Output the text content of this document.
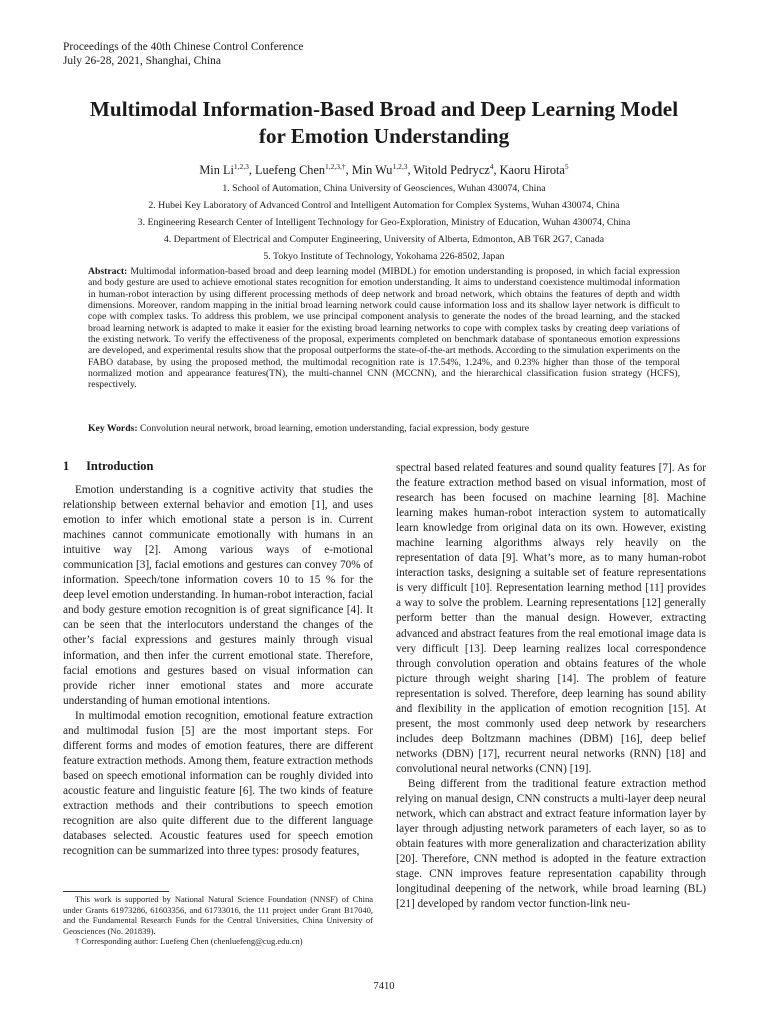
Proceedings of the 40th Chinese Control Conference
July 26-28, 2021, Shanghai, China
Multimodal Information-Based Broad and Deep Learning Model
for Emotion Understanding
Min Li$^{1,2,3}$, Luefeng Chen$^{1,2,3,\dagger}$, Min Wu$^{1,2,3}$, Witold Pedrycz$^4$, Kaoru Hirota$^5$
1. School of Automation, China University of Geosciences, Wuhan 430074, China
2. Hubei Key Laboratory of Advanced Control and Intelligent Automation for Complex Systems, Wuhan 430074, China
3. Engineering Research Center of Intelligent Technology for Geo-Exploration, Ministry of Education, Wuhan 430074, China
4. Department of Electrical and Computer Engineering, University of Alberta, Edmonton, AB T6R 2G7, Canada
5. Tokyo Institute of Technology, Yokohama 226-8502, Japan
Abstract: Multimodal information-based broad and deep learning model (MIBDL) for emotion understanding is proposed, in which facial expression and body gesture are used to achieve emotional states recognition for emotion understanding. It aims to understand coexistence multimodal information in human-robot interaction by using different processing methods of deep network and broad network, which obtains the features of depth and width dimensions. Moreover, random mapping in the initial broad learning network could cause information loss and its shallow layer network is difficult to cope with complex tasks. To address this problem, we use principal component analysis to generate the nodes of the broad learning, and the stacked broad learning network is adapted to make it easier for the existing broad learning networks to cope with complex tasks by creating deep variations of the existing network. To verify the effectiveness of the proposal, experiments completed on benchmark database of spontaneous emotion expressions are developed, and experimental results show that the proposal outperforms the state-of-the-art methods. According to the simulation experiments on the FABO database, by using the proposed method, the multimodal recognition rate is 17.54%, 1.24%, and 0.23% higher than those of the temporal normalized motion and appearance features(TN), the multi-channel CNN (MCCNN), and the hierarchical classification fusion strategy (HCFS), respectively.
Key Words: Convolution neural network, broad learning, emotion understanding, facial expression, body gesture
1 Introduction

Emotion understanding is a cognitive activity that studies the relationship between external behavior and emotion [1], and uses emotion to infer which emotional state a person is in. Current machines cannot communicate emotionally with humans in an intuitive way [2]. Among various ways of e-motional communication [3], facial emotions and gestures can convey 70% of information. Speech/tone information covers 10 to 15 % for the deep level emotion understanding. In human-robot interaction, facial and body gesture emotion recognition is of great significance [4]. It can be seen that the interlocutors understand the changes of the other’s facial expressions and gestures mainly through visual information, and then infer the current emotional state. Therefore, facial emotions and gestures based on visual information can provide richer inner emotional states and more accurate understanding of human emotional intentions.

In multimodal emotion recognition, emotional feature extraction and multimodal fusion [5] are the most important steps. For different forms and modes of emotion features, there are different feature extraction methods. Among them, feature extraction methods based on speech emotional information can be roughly divided into acoustic feature and linguistic feature [6]. The two kinds of feature extraction methods and their contributions to speech emotion recognition are also quite different due to the different language databases selected. Acoustic features used for speech emotion recognition can be summarized into three types: prosody features,

spectral based related features and sound quality features [7]. As for the feature extraction method based on visual information, most of research has been focused on machine learning [8]. Machine learning makes human-robot interaction system to automatically learn knowledge from original data on its own. However, existing machine learning algorithms always rely heavily on the representation of data [9]. What’s more, as to many human-robot interaction tasks, designing a suitable set of feature representations is very difficult [10]. Representation learning method [11] provides a way to solve the problem. Learning representations [12] generally perform better than the manual design. However, extracting advanced and abstract features from the real emotional image data is very difficult [13]. Deep learning realizes local correspondence through convolution operation and obtains features of the whole picture through weight sharing [14]. The problem of feature representation is solved. Therefore, deep learning has sound ability and flexibility in the application of emotion recognition [15]. At present, the most commonly used deep network by researchers includes deep Boltzmann machines (DBM) [16], deep belief networks (DBN) [17], recurrent neural networks (RNN) [18] and convolutional neural networks (CNN) [19].

Being different from the traditional feature extraction method relying on manual design, CNN constructs a multi-layer deep neural network, which can abstract and extract feature information layer by layer through adjusting network parameters of each layer, so as to obtain features with more generalization and characterization ability [20]. Therefore, CNN method is adopted in the feature extraction stage. CNN improves feature representation capability through longitudinal deepening of the network, while broad learning (BL) [21] developed by random vector function-link neu-

This work is supported by National Natural Science Foundation (NNSF) of China under Grants 61973286, 61603356, and 61733016, the 111 project under Grant B17040, and the Fundamental Research Funds for the Central Universities, China University of Geosciences (No. 201839).

† Corresponding author: Luefeng Chen (chenluefeng@cug.edu.cn)

7410
